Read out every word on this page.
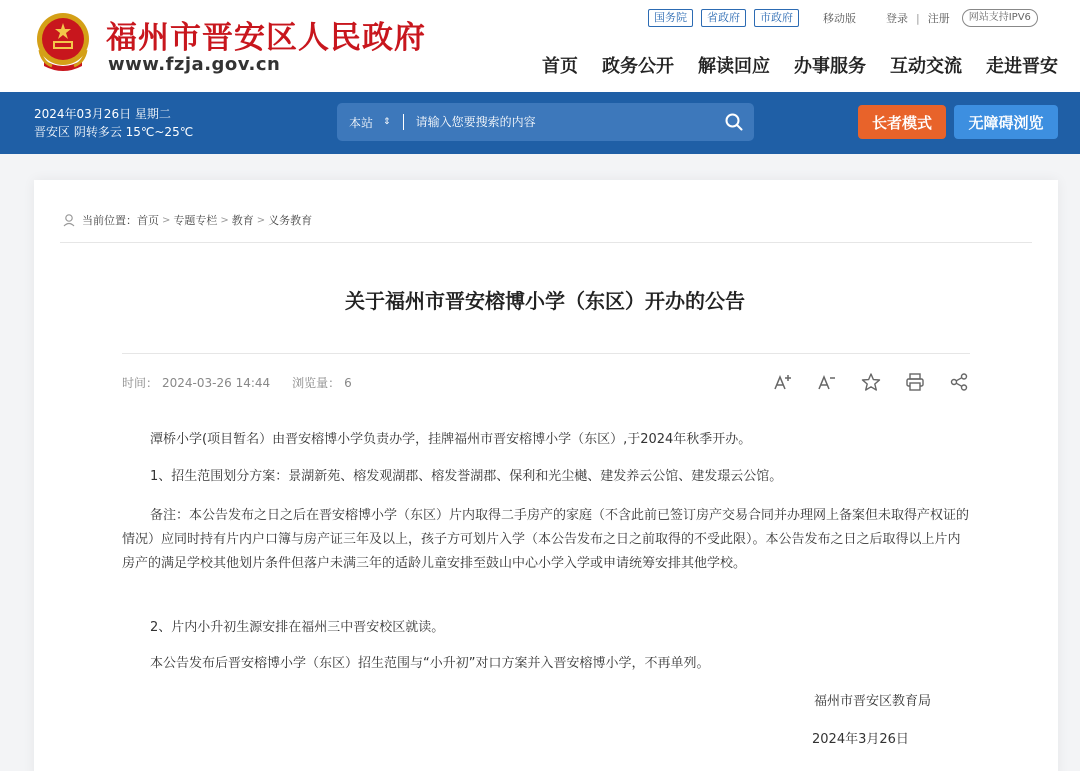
福州市晋安区人民政府
www.fzja.gov.cn
国务院	省政府	市政府	移动版	登录 | 注册	网站支持IPV6
首页 政务公开 解读回应 办事服务 互动交流 走进晋安
2024年03月26日 星期二
晋安区 阴转多云 15℃~25℃
本站 ⇕
请输入您要搜索的内容	长者模式	无障碍浏览
当前位置： 首页 > 专题专栏 > 教育 > 义务教育
关于福州市晋安榕博小学（东区）开办的公告
时间： 2024-03-26 14:44 浏览量： 6
潭桥小学(项目暂名）由晋安榕博小学负责办学，挂牌福州市晋安榕博小学（东区）,于2024年秋季开办。
1、招生范围划分方案：景湖新苑、榕发观湖郡、榕发誉湖郡、保利和光尘樾、建发养云公馆、建发璟云公馆。
备注：本公告发布之日之后在晋安榕博小学（东区）片内取得二手房产的家庭（不含此前已签订房产交易合同并办理网上备案但未取得产权证的情况）应同时持有片内户口簿与房产证三年及以上，孩子方可划片入学（本公告发布之日之前取得的不受此限）。本公告发布之日之后取得以上片内房产的满足学校其他划片条件但落户未满三年的适龄儿童安排至鼓山中心小学入学或申请统筹安排其他学校。
2、片内小升初生源安排在福州三中晋安校区就读。
本公告发布后晋安榕博小学（东区）招生范围与“小升初”对口方案并入晋安榕博小学，不再单列。
福州市晋安区教育局
2024年3月26日
